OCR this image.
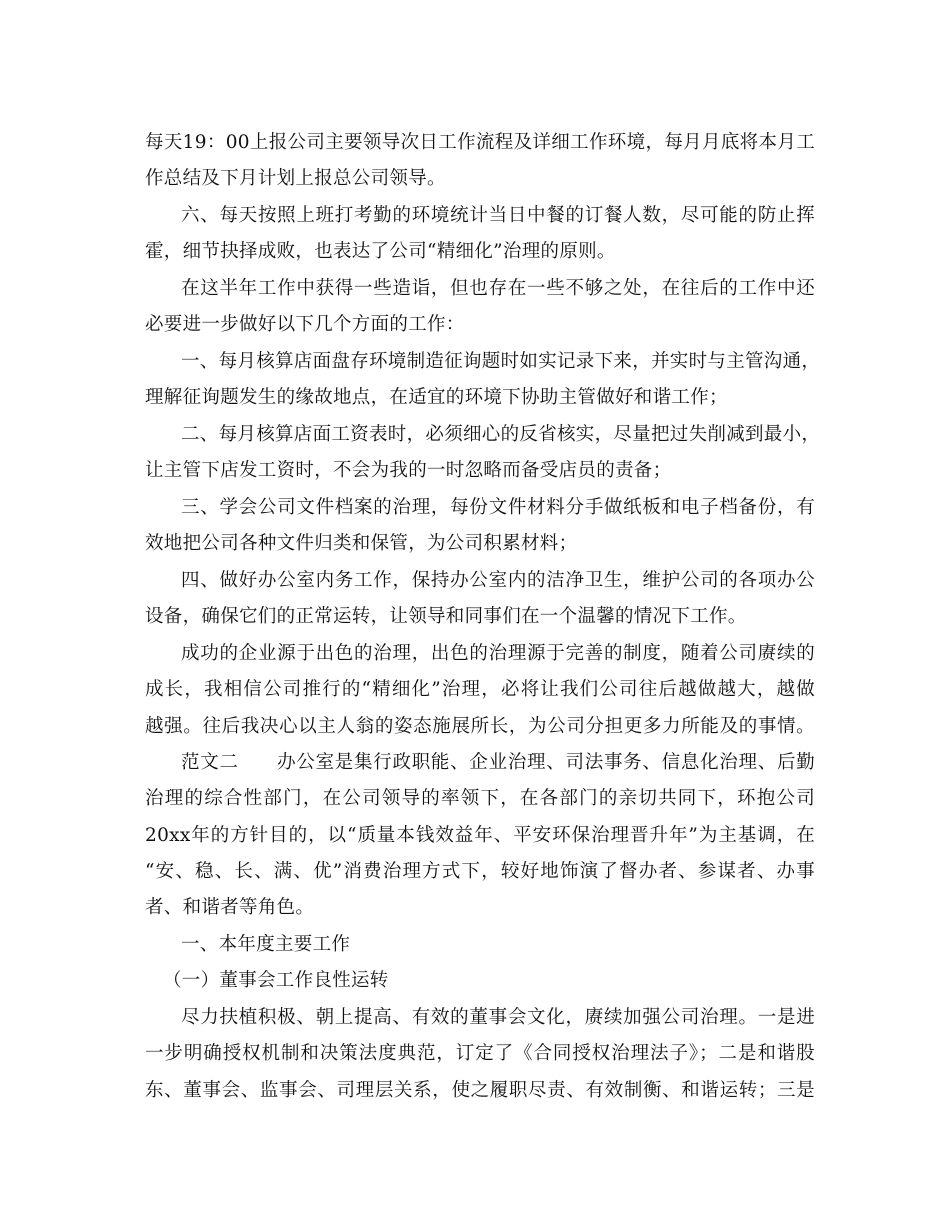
每天19：00上报公司主要领导次日工作流程及详细工作环境，每月月底将本月工
作总结及下月计划上报总公司领导。
六、每天按照上班打考勤的环境统计当日中餐的订餐人数，尽可能的防止挥
霍，细节抉择成败，也表达了公司“精细化”治理的原则。
在这半年工作中获得一些造诣，但也存在一些不够之处，在往后的工作中还
必要进一步做好以下几个方面的工作：
一、每月核算店面盘存环境制造征询题时如实记录下来，并实时与主管沟通，
理解征询题发生的缘故地点，在适宜的环境下协助主管做好和谐工作；
二、每月核算店面工资表时，必须细心的反省核实，尽量把过失削减到最小，
让主管下店发工资时，不会为我的一时忽略而备受店员的责备；
三、学会公司文件档案的治理，每份文件材料分手做纸板和电子档备份，有
效地把公司各种文件归类和保管，为公司积累材料；
四、做好办公室内务工作，保持办公室内的洁净卫生，维护公司的各项办公
设备，确保它们的正常运转，让领导和同事们在一个温馨的情况下工作。
成功的企业源于出色的治理，出色的治理源于完善的制度，随着公司赓续的
成长，我相信公司推行的“精细化”治理，必将让我们公司往后越做越大，越做
越强。往后我决心以主人翁的姿态施展所长，为公司分担更多力所能及的事情。
范文二　　办公室是集行政职能、企业治理、司法事务、信息化治理、后勤
治理的综合性部门，在公司领导的率领下，在各部门的亲切共同下，环抱公司
20xx年的方针目的，以“质量本钱效益年、平安环保治理晋升年”为主基调，在
“安、稳、长、满、优”消费治理方式下，较好地饰演了督办者、参谋者、办事
者、和谐者等角色。
一、本年度主要工作
（一）董事会工作良性运转
尽力扶植积极、朝上提高、有效的董事会文化，赓续加强公司治理。一是进
一步明确授权机制和决策法度典范，订定了《合同授权治理法子》；二是和谐股
东、董事会、监事会、司理层关系，使之履职尽责、有效制衡、和谐运转；三是
